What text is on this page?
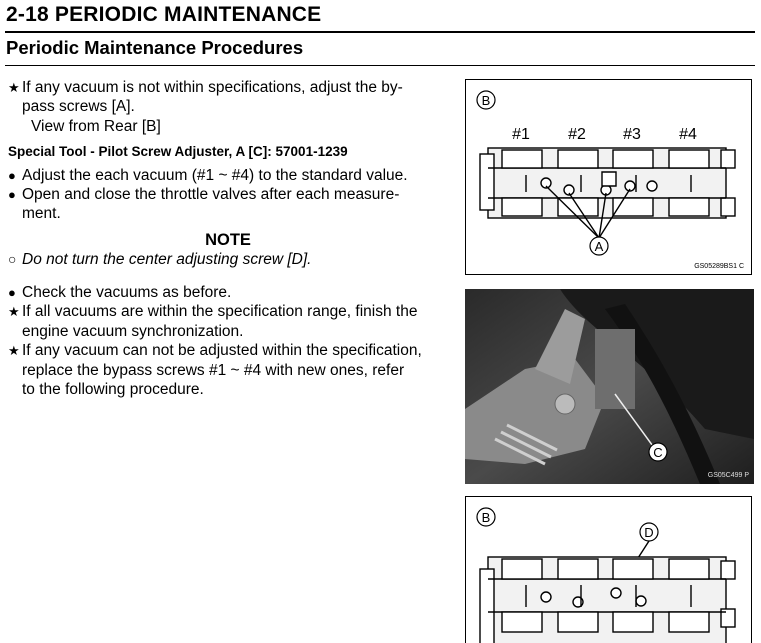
2-18 PERIODIC MAINTENANCE
Periodic Maintenance Procedures
★ If any vacuum is not within specifications, adjust the by-
pass screws [A].
View from Rear [B]
Special Tool - Pilot Screw Adjuster, A [C]: 57001-1239
● Adjust the each vacuum (#1 ~ #4) to the standard value.
● Open and close the throttle valves after each measure-
ment.
NOTE
○ Do not turn the center adjusting screw [D].
● Check the vacuums as before.
★ If all vacuums are within the specification range, finish the
engine vacuum synchronization.
★ If any vacuum can not be adjusted within the specification,
replace the bypass screws #1 ~ #4 with new ones, refer
to the following procedure.
B
#1 #2 #3 #4
A
GS05289BS1 C
C
GS05C499 P
B
D
